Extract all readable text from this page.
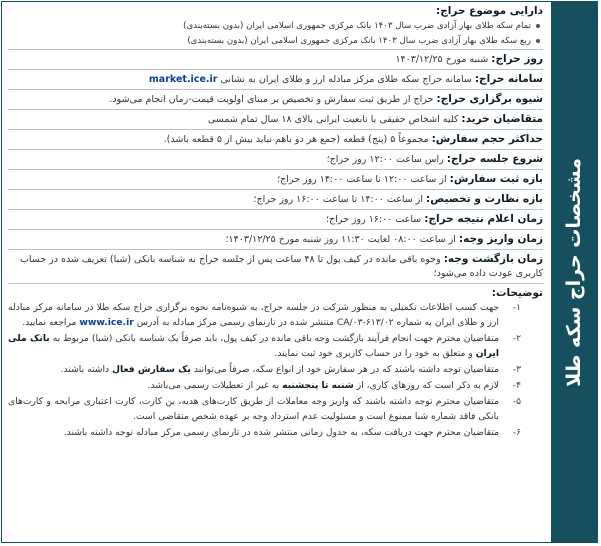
مشخصات حراج سکه طلا
دارایی موضوع حراج:
تمام سکه طلای بهار آزادی ضرب سال ۱۴۰۳ بانک مرکزی جمهوری اسلامی ایران (بدون بسته‌بندی)
ربع سکه طلای بهار آزادی ضرب سال ۱۴۰۳ بانک مرکزی جمهوری اسلامی ایران (بدون بسته‌بندی)
روز حراج: شنبه مورخ ۱۴۰۳/۱۲/۲۵
سامانه حراج: سامانه حراج سکه طلای مرکز مبادله ارز و طلای ایران به نشانی market.ice.ir
شیوه برگزاری حراج: حراج از طریق ثبت سفارش و تخصیص بر مبنای اولویت قیمت-زمان انجام می‌شود.
متقاضیان خرید: کلیه اشخاص حقیقی با تابعیت ایرانی بالای ۱۸ سال تمام شمسی
حداکثر حجم سفارش: مجموعاً ۵ (پنج) قطعه (جمع هر دو باهم نباید بیش از ۵ قطعه باشد).
شروع جلسه حراج: راس ساعت ۱۲:۰۰ روز حراج؛
بازه ثبت سفارش: از ساعت ۱۲:۰۰ تا ساعت ۱۴:۰۰ روز حراج؛
بازه نظارت و تخصیص: از ساعت ۱۴:۰۰ تا ساعت ۱۶:۰۰ روز حراج؛
زمان اعلام نتیجه حراج: ساعت ۱۶:۰۰ روز حراج؛
زمان واریز وجه: از ساعت ۰۸:۰۰ لغایت ۱۱:۳۰ روز شنبه مورخ ۱۴۰۳/۱۲/۲۵؛
زمان بازگشت وجه: وجوه باقی مانده در کیف پول تا ۴۸ ساعت پس از جلسه حراج به شناسه بانکی (شبا) تعریف شده در حساب کاربری عودت داده می‌شود؛
توضیحات:
۱-
جهت کسب اطلاعات تکمیلی به منظور شرکت در جلسه حراج، به شیوه‌نامه نحوه برگزاری حراج سکه طلا در سامانه مرکز مبادله ارز و طلای ایران به شماره CA/۰۳-۶۱۳/۰۲ منتشر شده در تارنمای رسمی مرکز مبادله به آدرس www.ice.ir مراجعه نمایید.
۲-
متقاضیان محترم جهت انجام فرآیند بازگشت وجه باقی مانده در کیف پول، باید صرفاً یک شناسه بانکی (شبا) مربوط به بانک ملی ایران و متعلق به خود را در حساب کاربری خود ثبت نمایند.
۳-
متقاضیان توجه داشته باشند که در هر سفارش خود از انواع سکه، صرفاً می‌توانند یک سفارش فعال داشته باشند.
۴-
لازم به ذکر است که روزهای کاری، از شنبه تا پنجشنبه به غیر از تعطیلات رسمی می‌باشد.
۵-
متقاضیان محترم توجه داشته باشند که واریز وجه معاملات از طریق کارت‌های هدیه، بن کارت، کارت اعتباری مرابحه و کارت‌های بانکی فاقد شماره شبا ممنوع است و مسئولیت عدم استرداد وجه بر عهده شخص متقاضی است.
۶-
متقاضیان محترم جهت دریافت سکه، به جدول زمانی منتشر شده در تارنمای رسمی مرکز مبادله توجه داشته باشند.
